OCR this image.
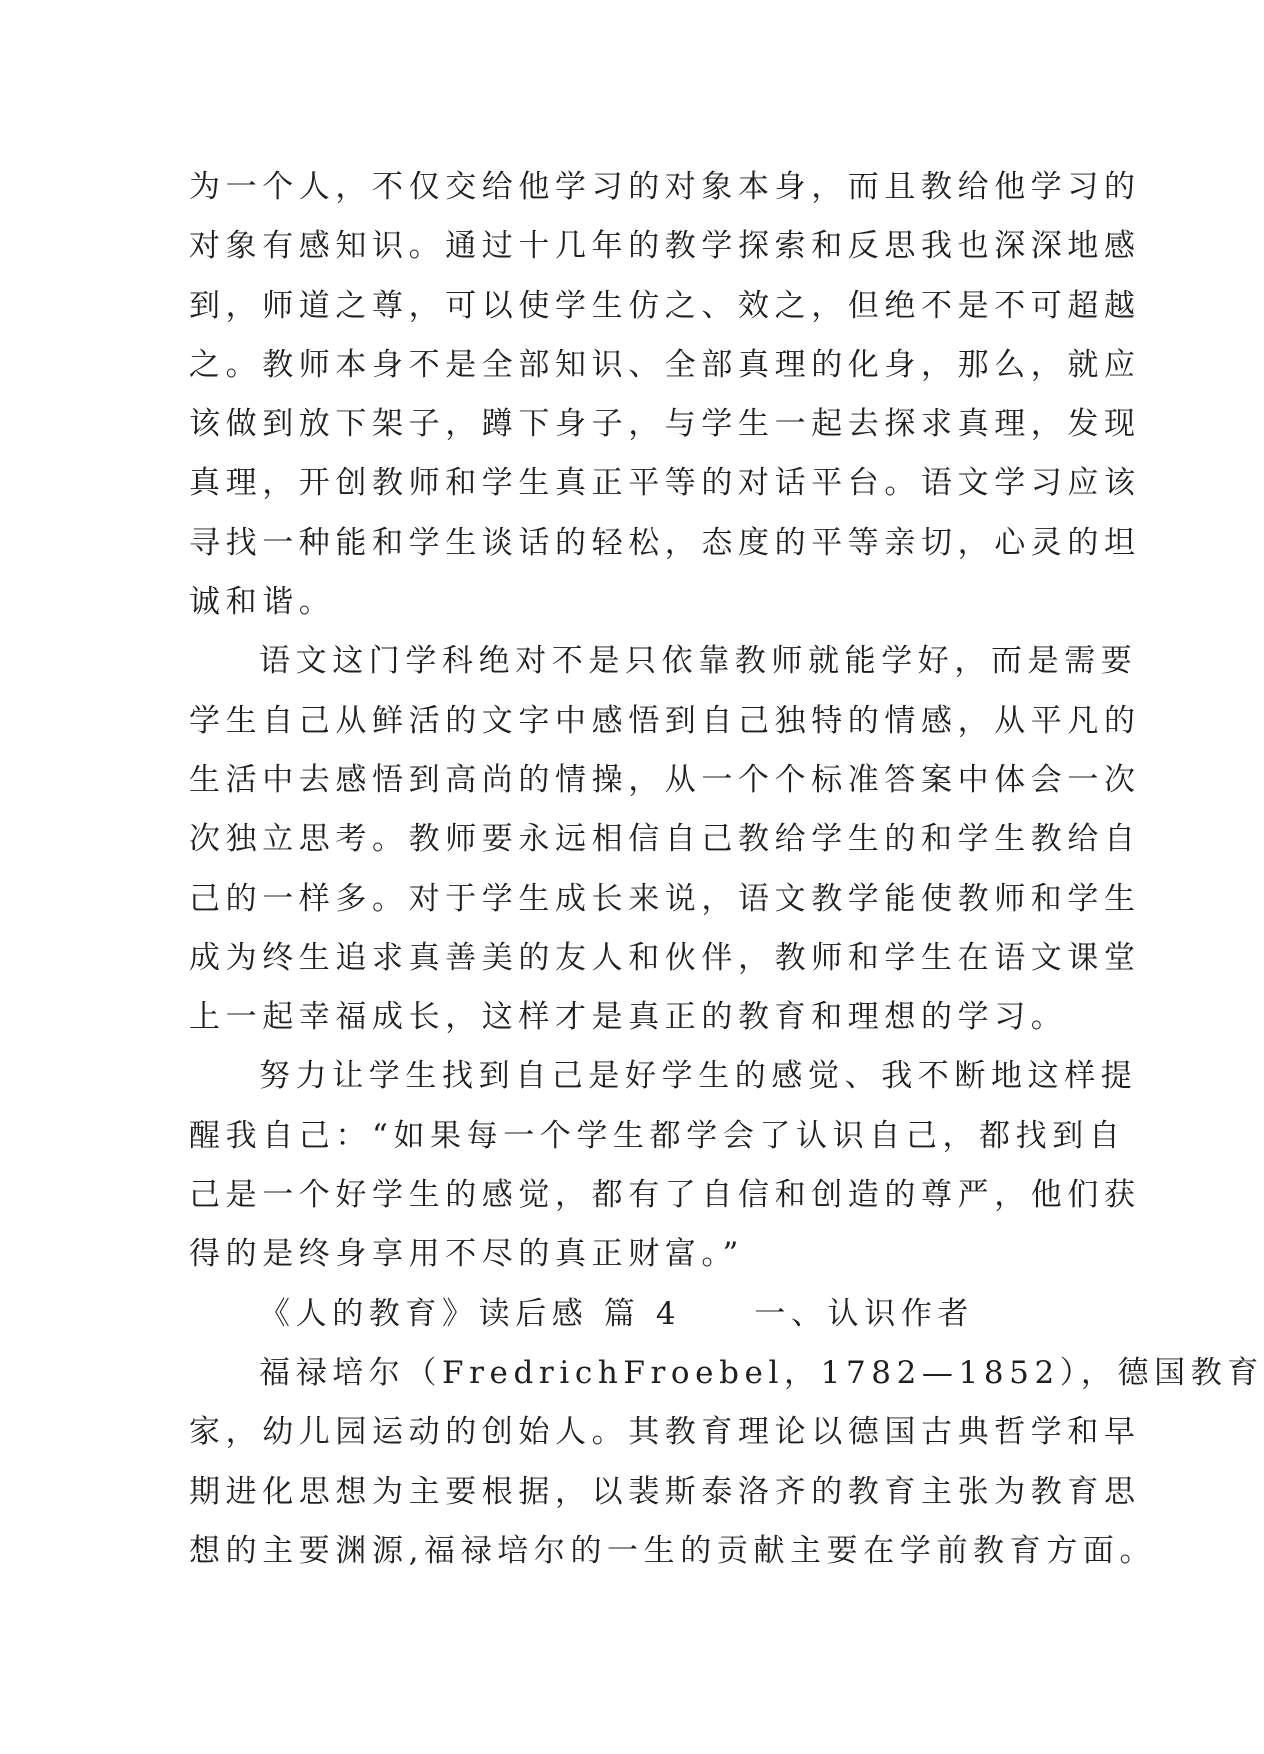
为一个人，不仅交给他学习的对象本身，而且教给他学习的
对象有感知识。通过十几年的教学探索和反思我也深深地感
到，师道之尊，可以使学生仿之、效之，但绝不是不可超越
之。教师本身不是全部知识、全部真理的化身，那么，就应
该做到放下架子，蹲下身子，与学生一起去探求真理，发现
真理，开创教师和学生真正平等的对话平台。语文学习应该
寻找一种能和学生谈话的轻松，态度的平等亲切，心灵的坦
诚和谐。
语文这门学科绝对不是只依靠教师就能学好，而是需要
学生自己从鲜活的文字中感悟到自己独特的情感，从平凡的
生活中去感悟到高尚的情操，从一个个标准答案中体会一次
次独立思考。教师要永远相信自己教给学生的和学生教给自
己的一样多。对于学生成长来说，语文教学能使教师和学生
成为终生追求真善美的友人和伙伴，教师和学生在语文课堂
上一起幸福成长，这样才是真正的教育和理想的学习。
努力让学生找到自己是好学生的感觉、我不断地这样提
醒我自己：“如果每一个学生都学会了认识自己，都找到自
己是一个好学生的感觉，都有了自信和创造的尊严，他们获
得的是终身享用不尽的真正财富。”
《人的教育》读后感 篇 4　　一、认识作者
福禄培尔（FredrichFroebel，1782—1852），德国教育
家，幼儿园运动的创始人。其教育理论以德国古典哲学和早
期进化思想为主要根据，以裴斯泰洛齐的教育主张为教育思
想的主要渊源,福禄培尔的一生的贡献主要在学前教育方面。
